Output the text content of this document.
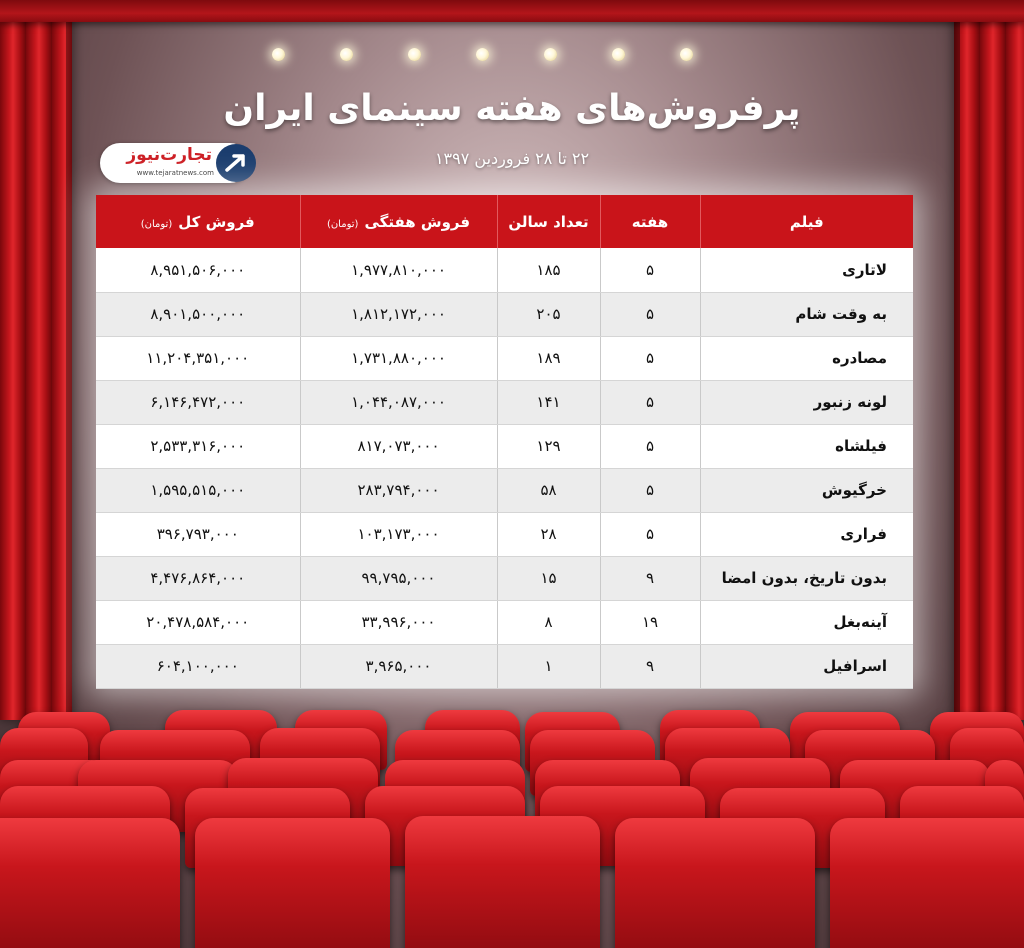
پرفروش‌های هفته سینمای ایران
۲۲ تا ۲۸ فروردین ۱۳۹۷
تجارت‌نیوز
www.tejaratnews.com
فیلم	هفته	تعداد سالن	فروش هفتگی(تومان)	فروش کل(تومان)
لاتاری	۵	۱۸۵	۱,۹۷۷,۸۱۰,۰۰۰	۸,۹۵۱,۵۰۶,۰۰۰
به وقت شام	۵	۲۰۵	۱,۸۱۲,۱۷۲,۰۰۰	۸,۹۰۱,۵۰۰,۰۰۰
مصادره	۵	۱۸۹	۱,۷۳۱,۸۸۰,۰۰۰	۱۱,۲۰۴,۳۵۱,۰۰۰
لونه زنبور	۵	۱۴۱	۱,۰۴۴,۰۸۷,۰۰۰	۶,۱۴۶,۴۷۲,۰۰۰
فیلشاه	۵	۱۲۹	۸۱۷,۰۷۳,۰۰۰	۲,۵۳۳,۳۱۶,۰۰۰
خرگیوش	۵	۵۸	۲۸۳,۷۹۴,۰۰۰	۱,۵۹۵,۵۱۵,۰۰۰
فراری	۵	۲۸	۱۰۳,۱۷۳,۰۰۰	۳۹۶,۷۹۳,۰۰۰
بدون تاریخ، بدون امضا	۹	۱۵	۹۹,۷۹۵,۰۰۰	۴,۴۷۶,۸۶۴,۰۰۰
آینه‌بغل	۱۹	۸	۳۳,۹۹۶,۰۰۰	۲۰,۴۷۸,۵۸۴,۰۰۰
اسرافیل	۹	۱	۳,۹۶۵,۰۰۰	۶۰۴,۱۰۰,۰۰۰
